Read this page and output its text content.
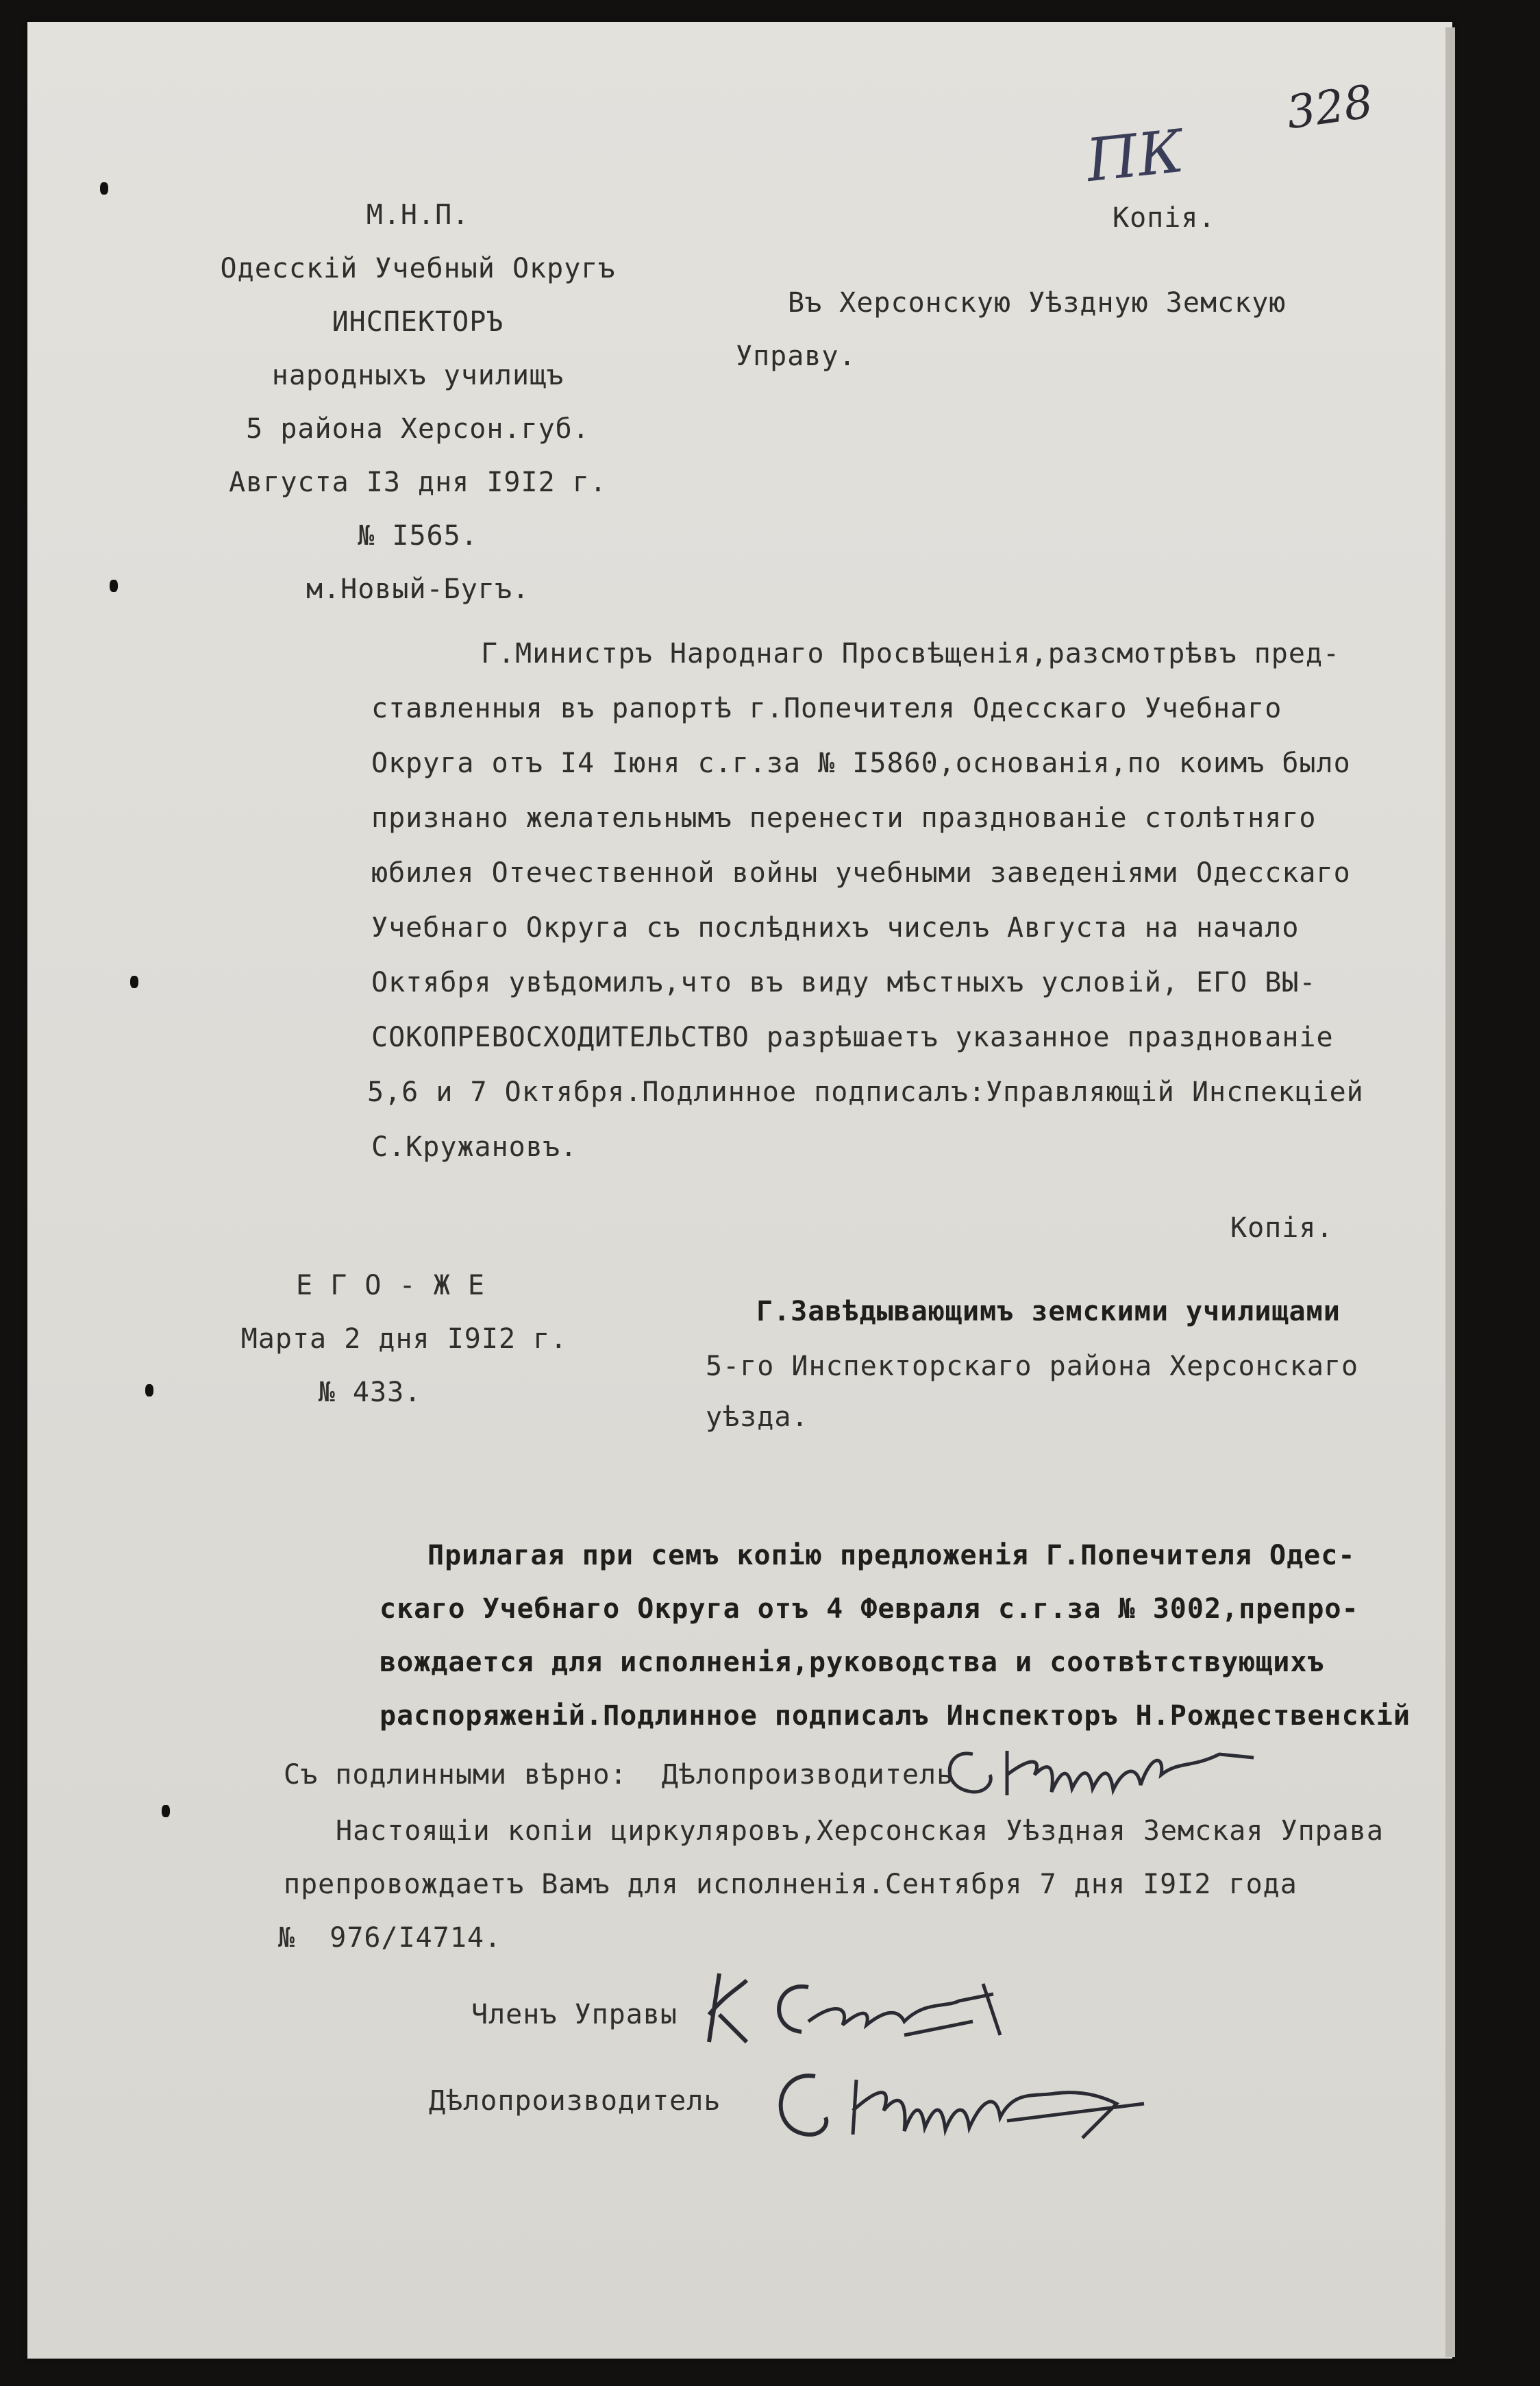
328
ПК
М.Н.П.
Одесскій Учебный Округъ
ИНСПЕКТОРЪ
народныхъ училищъ
5 района Херсон.губ.
Августа I3 дня I9I2 г.
№ I565.
м.Новый-Бугъ.
Копія.
Въ Херсонскую Уѣздную Земскую
Управу.
Г.Министръ Народнаго Просвѣщенія,разсмотрѣвъ пред-
ставленныя въ рапортѣ г.Попечителя Одесскаго Учебнаго
Округа отъ I4 Іюня с.г.за № I5860,основанія,по коимъ было
признано желательнымъ перенести празднованіе столѣтняго
юбилея Отечественной войны учебными заведеніями Одесскаго
Учебнаго Округа съ послѣднихъ чиселъ Августа на начало
Октября увѣдомилъ,что въ виду мѣстныхъ условій, ЕГО ВЫ-
СОКОПРЕВОСХОДИТЕЛЬСТВО разрѣшаетъ указанное празднованіе
5,6 и 7 Октября.Подлинное подписалъ:Управляющій Инспекціей
С.Кружановъ.
Копія.
Е Г О - Ж Е
Марта 2 дня I9I2 г.
№ 433.
Г.Завѣдывающимъ земскими училищами
5-го Инспекторскаго района Херсонскаго
уѣзда.
Прилагая при семъ копію предложенія Г.Попечителя Одес-
скаго Учебнаго Округа отъ 4 Февраля с.г.за № 3002,препро-
вождается для исполненія,руководства и соотвѣтствующихъ
распоряженій.Подлинное подписалъ Инспекторъ Н.Рождественскій
Съ подлинными вѣрно:  Дѣлопроизводитель
Настоящіи копіи циркуляровъ,Херсонская Уѣздная Земская Управа
препровождаетъ Вамъ для исполненія.Сентября 7 дня I9I2 года
№  976/I4714.
Членъ Управы
Дѣлопроизводитель
